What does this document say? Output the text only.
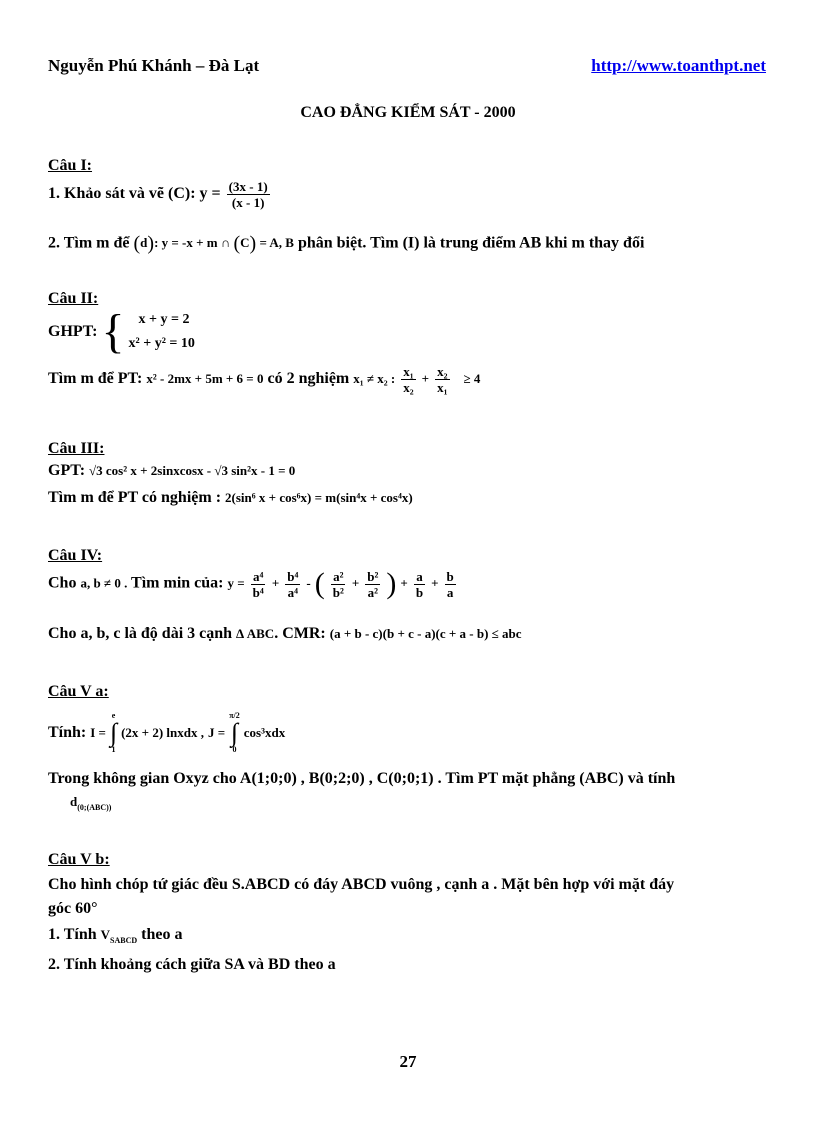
Nguyễn Phú Khánh – Đà Lạt	http://www.toanthpt.net
CAO ĐẲNG KIỂM SÁT - 2000
Câu I:
1. Khảo sát và vẽ (C): $y = \frac{(3x - 1)}{(x - 1)}$
2. Tìm m để (d): y = -x + m ∩ (C) = A, B phân biệt. Tìm (I) là trung điểm AB khi m thay đổi
Câu II:
GHPT: {	x + y = 2
x² + y² = 10
Tìm m để PT: x² - 2mx + 5m + 6 = 0 có 2 nghiệm x₁ ≠ x₂ : $\frac{\text{x₁}}{\text{x₂}} + \frac{\text{x₂}}{\text{x₁}} \ge 4$
Câu III:
GPT: √3 cos² x + 2sinxcosx - √3 sin²x - 1 = 0
Tìm m để PT có nghiệm : 2(sin⁶ x + cos⁶x) = m(sin⁴x + cos⁴x)
Câu IV:
Cho a, b ≠ 0 . Tìm min của: $y = \frac{\text{a⁴}}{\text{b⁴}} + \frac{\text{b⁴}}{\text{a⁴}}$ - ( $\frac{\text{a²}}{\text{b²}} + \frac{\text{b²}}{\text{a²}}$ ) + $\frac{a}{b} + \frac{b}{a}$
Cho a, b, c là độ dài 3 cạnh Δ ABC. CMR: (a + b - c)(b + c - a)(c + a - b) ≤ abc
Câu V a:
Tính: I =
e
∫
1
(2x + 2) lnxdx , J =
π/2
∫
0
cos³xdx
Trong không gian Oxyz cho A(1;0;0) , B(0;2;0) , C(0;0;1) . Tìm PT mặt phẳng (ABC) và tính
$d_{(0;(ABC))}$
Câu V b:
Cho hình chóp tứ giác đều S.ABCD có đáy ABCD vuông , cạnh a . Mặt bên hợp với mặt đáy
góc 60°
1. Tính $V_{SABCD}$ theo a
2. Tính khoảng cách giữa SA và BD theo a
27
